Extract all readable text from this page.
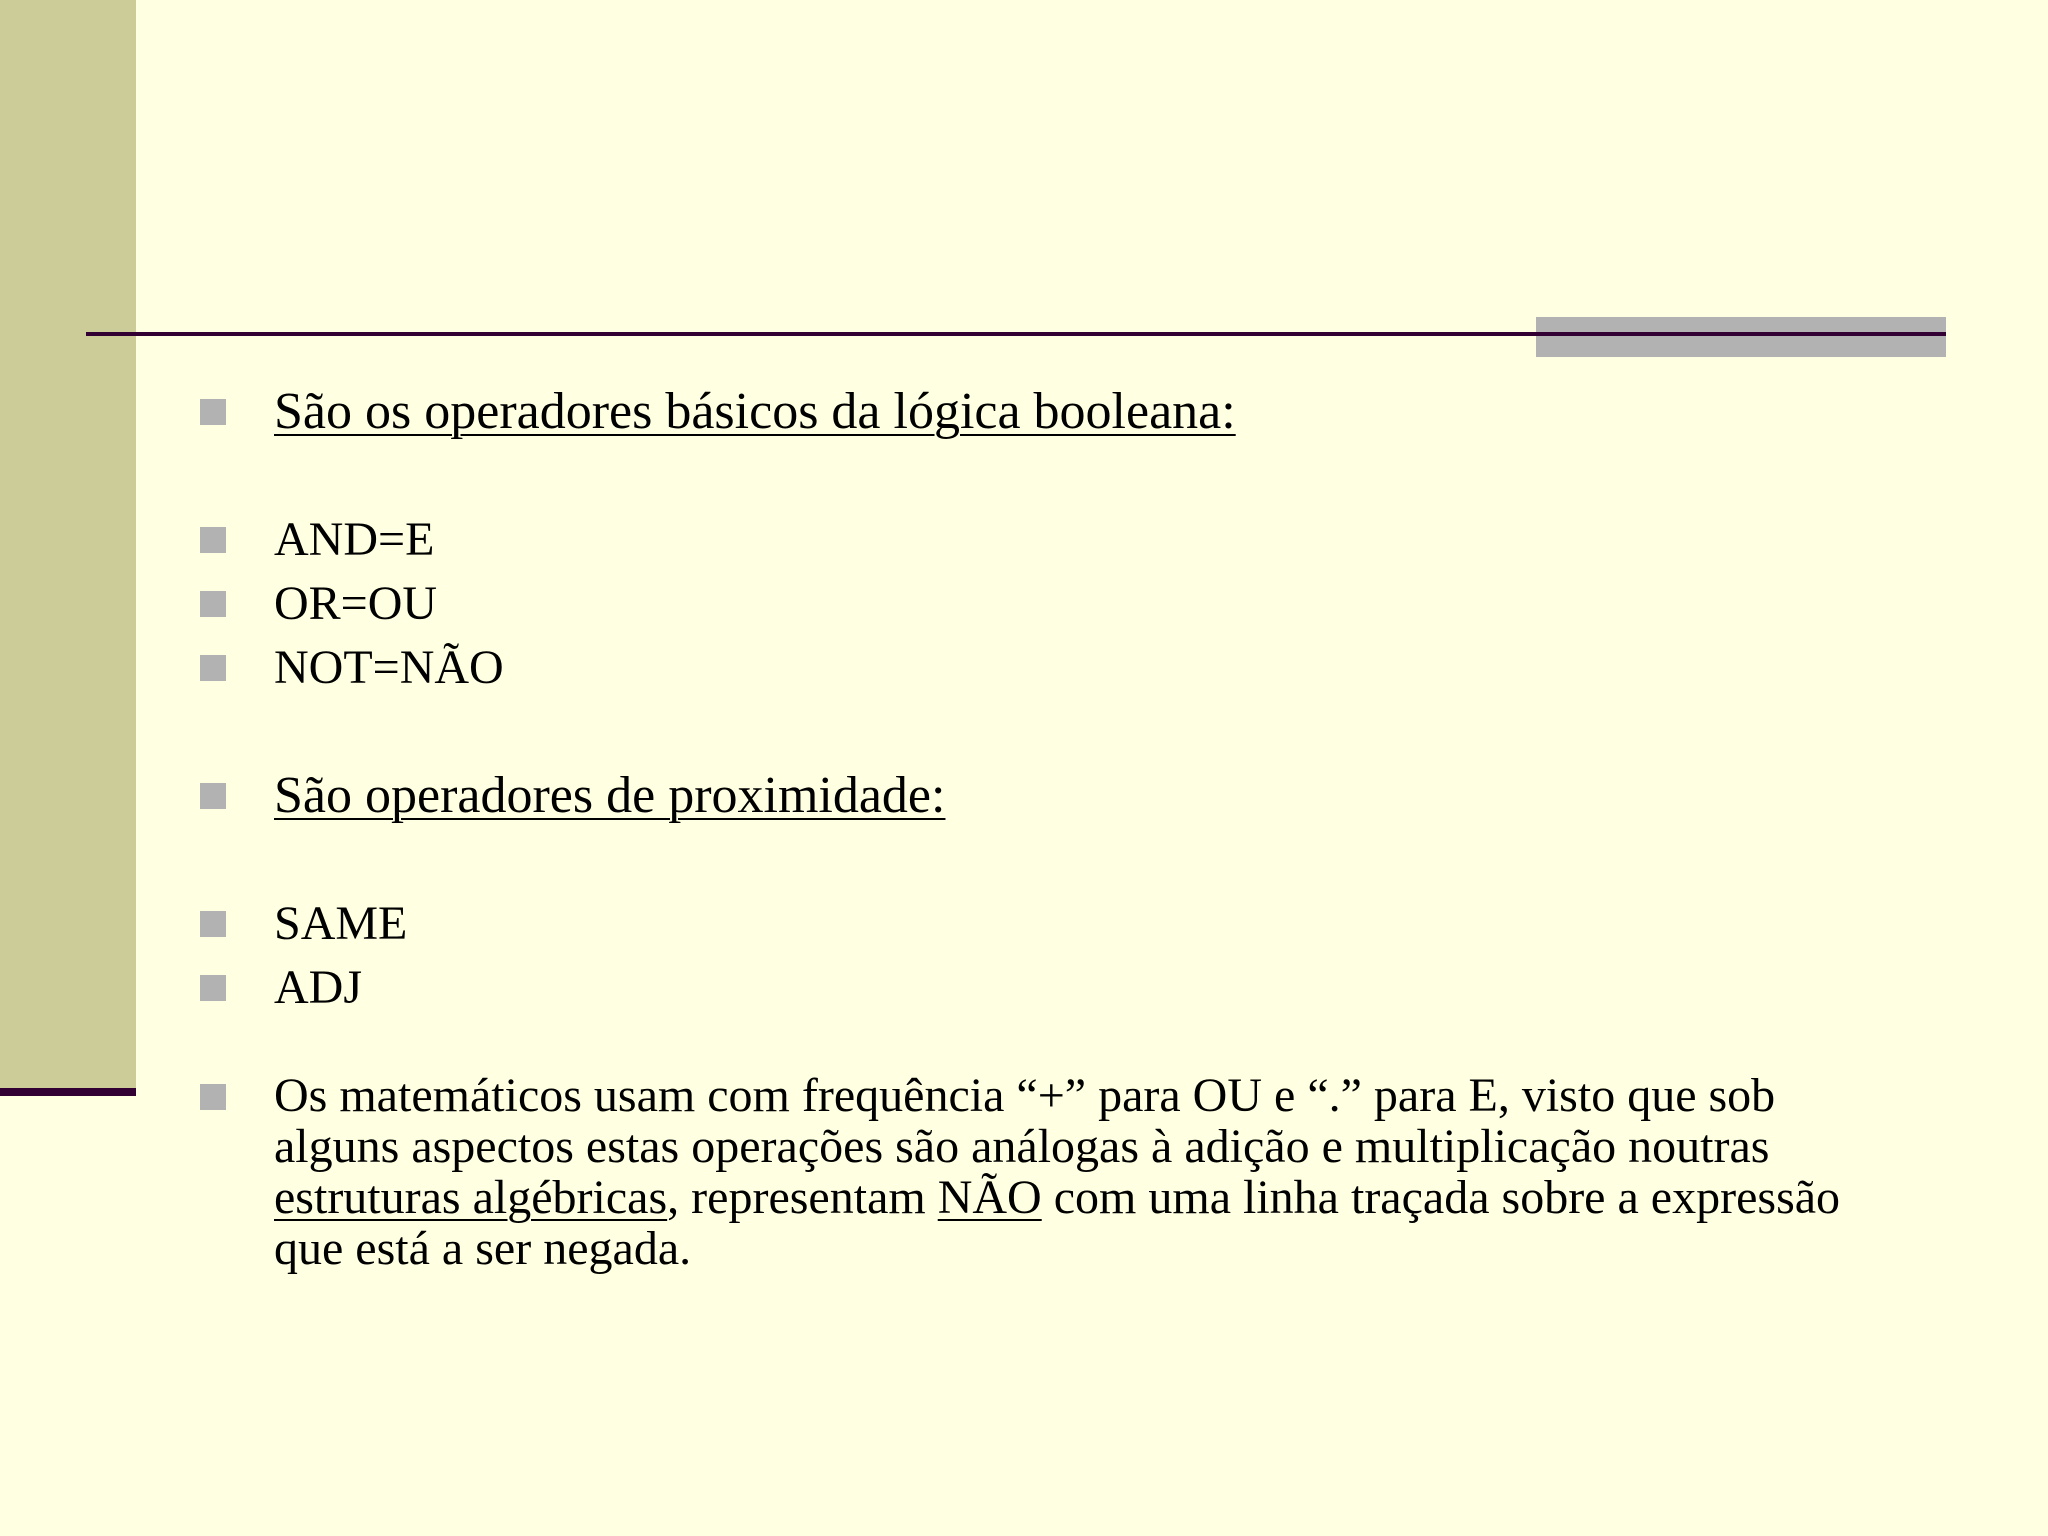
São os operadores básicos da lógica booleana:
AND=E
OR=OU
NOT=NÃO
São operadores de proximidade:
SAME
ADJ
Os matemáticos usam com frequência “+” para OU e “.” para E, visto que sob alguns aspectos estas operações são análogas à adição e multiplicação noutras estruturas algébricas, representam NÃO com uma linha traçada sobre a expressão que está a ser negada.
